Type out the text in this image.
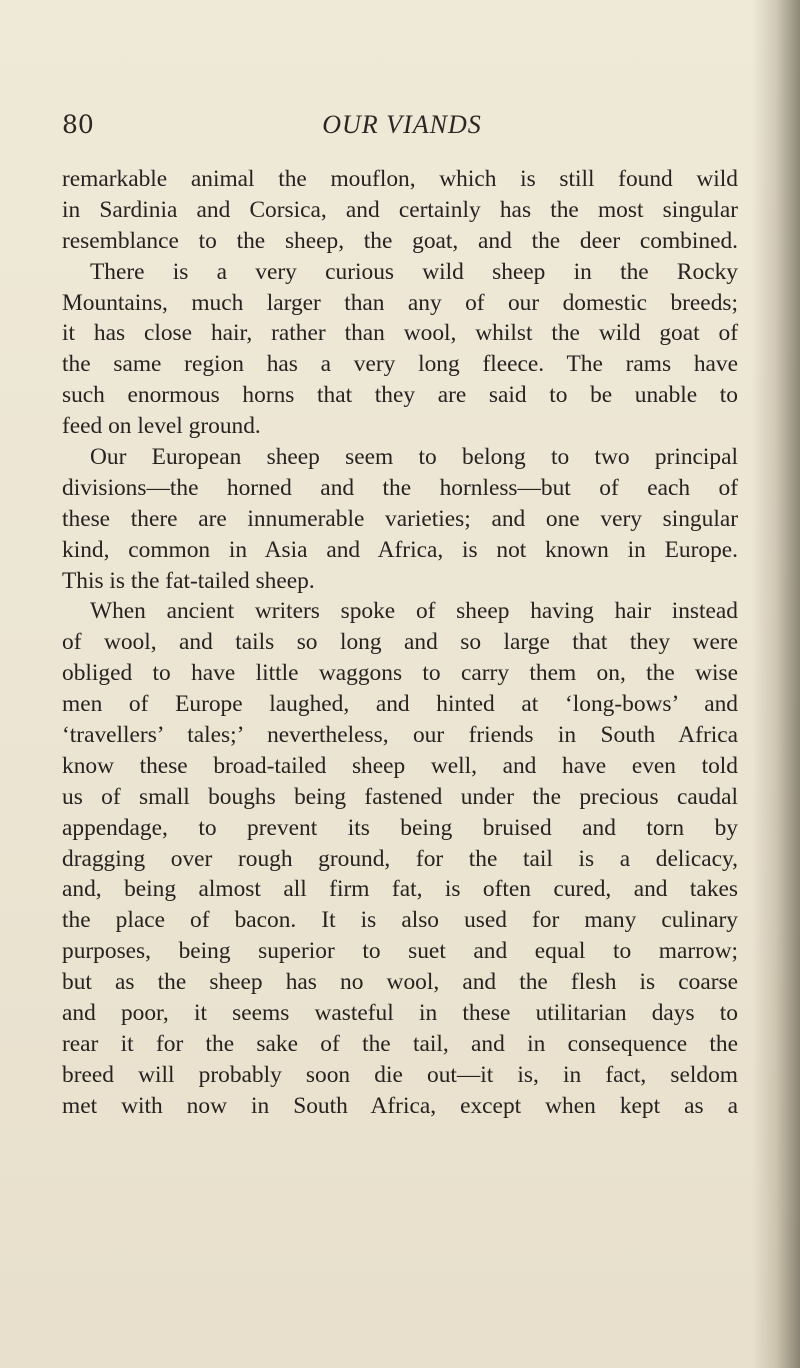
80	OUR VIANDS
remarkable animal the mouflon, which is still found wild
in Sardinia and Corsica, and certainly has the most singular
resemblance to the sheep, the goat, and the deer combined.
There is a very curious wild sheep in the Rocky
Mountains, much larger than any of our domestic breeds;
it has close hair, rather than wool, whilst the wild goat of
the same region has a very long fleece. The rams have
such enormous horns that they are said to be unable to
feed on level ground.
Our European sheep seem to belong to two principal
divisions—the horned and the hornless—but of each of
these there are innumerable varieties; and one very singular
kind, common in Asia and Africa, is not known in Europe.
This is the fat-tailed sheep.
When ancient writers spoke of sheep having hair instead
of wool, and tails so long and so large that they were
obliged to have little waggons to carry them on, the wise
men of Europe laughed, and hinted at ‘long-bows’ and
‘travellers’ tales;’ nevertheless, our friends in South Africa
know these broad-tailed sheep well, and have even told
us of small boughs being fastened under the precious caudal
appendage, to prevent its being bruised and torn by
dragging over rough ground, for the tail is a delicacy,
and, being almost all firm fat, is often cured, and takes
the place of bacon. It is also used for many culinary
purposes, being superior to suet and equal to marrow;
but as the sheep has no wool, and the flesh is coarse
and poor, it seems wasteful in these utilitarian days to
rear it for the sake of the tail, and in consequence the
breed will probably soon die out—it is, in fact, seldom
met with now in South Africa, except when kept as a
